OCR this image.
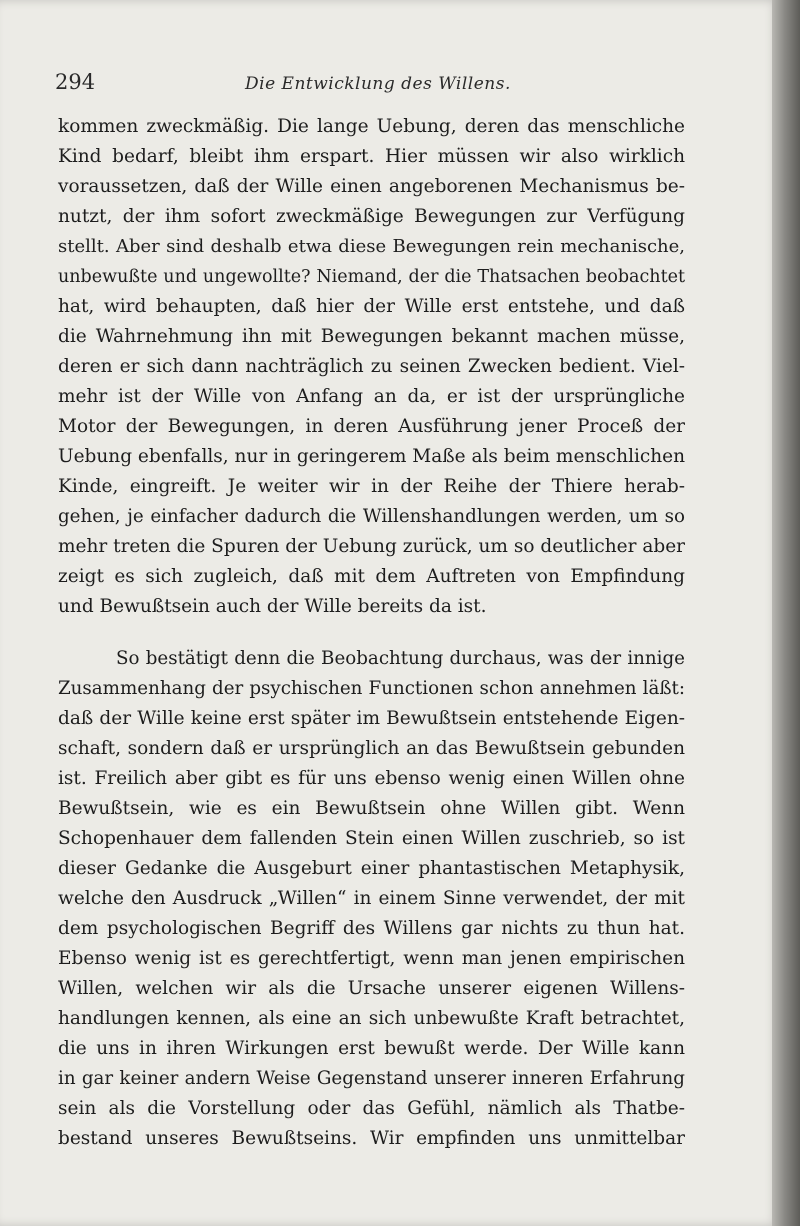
294	Die Entwicklung des Willens.
kommen zweckmäßig. Die lange Uebung, deren das menschliche
Kind bedarf, bleibt ihm erspart. Hier müssen wir also wirklich
voraussetzen, daß der Wille einen angeborenen Mechanismus be-
nutzt, der ihm sofort zweckmäßige Bewegungen zur Verfügung
stellt. Aber sind deshalb etwa diese Bewegungen rein mechanische,
unbewußte und ungewollte? Niemand, der die Thatsachen beobachtet
hat, wird behaupten, daß hier der Wille erst entstehe, und daß
die Wahrnehmung ihn mit Bewegungen bekannt machen müsse,
deren er sich dann nachträglich zu seinen Zwecken bedient. Viel-
mehr ist der Wille von Anfang an da, er ist der ursprüngliche
Motor der Bewegungen, in deren Ausführung jener Proceß der
Uebung ebenfalls, nur in geringerem Maße als beim menschlichen
Kinde, eingreift. Je weiter wir in der Reihe der Thiere herab-
gehen, je einfacher dadurch die Willenshandlungen werden, um so
mehr treten die Spuren der Uebung zurück, um so deutlicher aber
zeigt es sich zugleich, daß mit dem Auftreten von Empfindung
und Bewußtsein auch der Wille bereits da ist.
So bestätigt denn die Beobachtung durchaus, was der innige
Zusammenhang der psychischen Functionen schon annehmen läßt:
daß der Wille keine erst später im Bewußtsein entstehende Eigen-
schaft, sondern daß er ursprünglich an das Bewußtsein gebunden
ist. Freilich aber gibt es für uns ebenso wenig einen Willen ohne
Bewußtsein, wie es ein Bewußtsein ohne Willen gibt. Wenn
Schopenhauer dem fallenden Stein einen Willen zuschrieb, so ist
dieser Gedanke die Ausgeburt einer phantastischen Metaphysik,
welche den Ausdruck „Willen“ in einem Sinne verwendet, der mit
dem psychologischen Begriff des Willens gar nichts zu thun hat.
Ebenso wenig ist es gerechtfertigt, wenn man jenen empirischen
Willen, welchen wir als die Ursache unserer eigenen Willens-
handlungen kennen, als eine an sich unbewußte Kraft betrachtet,
die uns in ihren Wirkungen erst bewußt werde. Der Wille kann
in gar keiner andern Weise Gegenstand unserer inneren Erfahrung
sein als die Vorstellung oder das Gefühl, nämlich als Thatbe-
bestand unseres Bewußtseins. Wir empfinden uns unmittelbar
